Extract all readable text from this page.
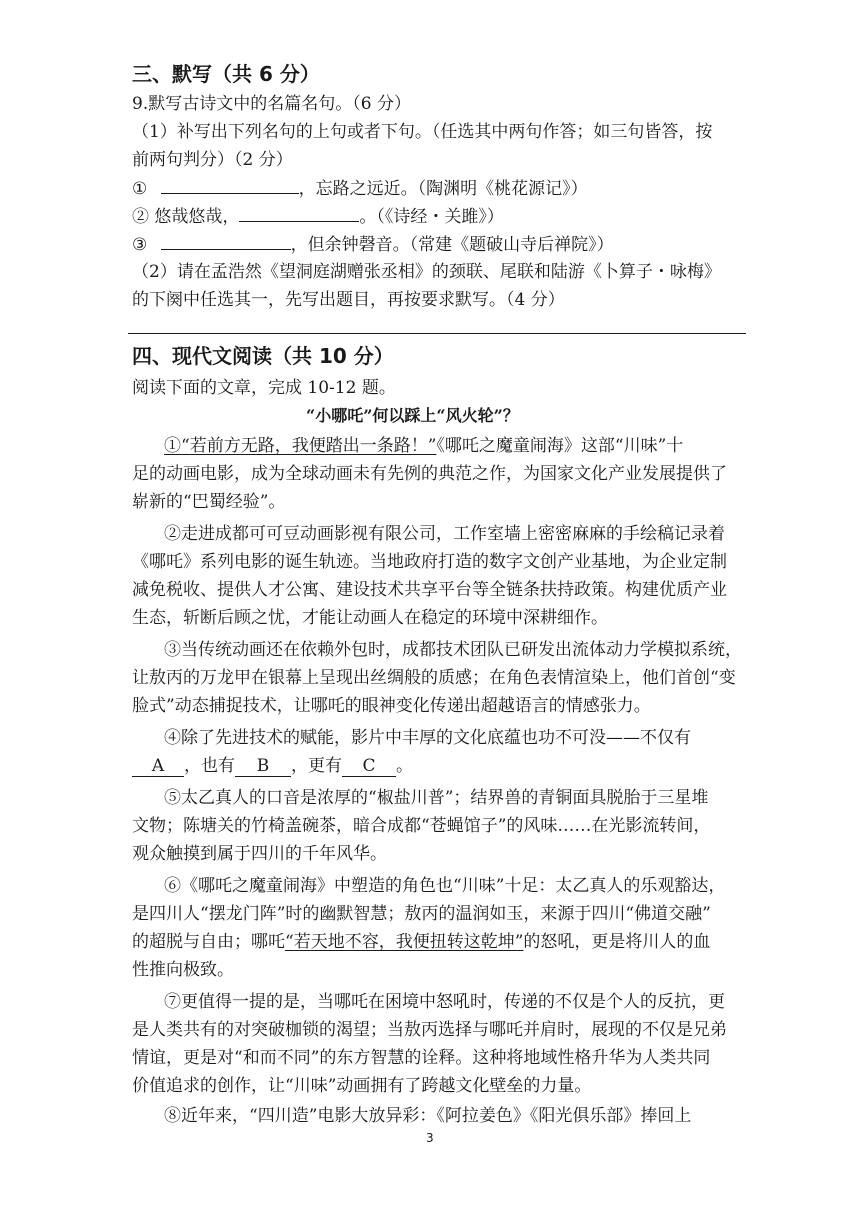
三、默写（共 6 分）
9.默写古诗文中的名篇名句。（6 分）
（1）补写出下列名句的上句或者下句。（任选其中两句作答；如三句皆答，按
前两句判分）（2 分）
①	，忘路之远近。（陶渊明《桃花源记》）
② 悠哉悠哉，	。（《诗经・关雎》）
③	，但余钟磬音。（常建《题破山寺后禅院》）
（2）请在孟浩然《望洞庭湖赠张丞相》的颈联、尾联和陆游《卜算子・咏梅》
的下阕中任选其一，先写出题目，再按要求默写。（4 分）
四、现代文阅读（共 10 分）
阅读下面的文章，完成 10-12 题。
“小哪吒”何以踩上“风火轮”？
①“若前方无路，我便踏出一条路！”《哪吒之魔童闹海》这部“川味”十
足的动画电影，成为全球动画未有先例的典范之作，为国家文化产业发展提供了
崭新的“巴蜀经验”。
②走进成都可可豆动画影视有限公司，工作室墙上密密麻麻的手绘稿记录着
《哪吒》系列电影的诞生轨迹。当地政府打造的数字文创产业基地，为企业定制
减免税收、提供人才公寓、建设技术共享平台等全链条扶持政策。构建优质产业
生态，斩断后顾之忧，才能让动画人在稳定的环境中深耕细作。
③当传统动画还在依赖外包时，成都技术团队已研发出流体动力学模拟系统，
让敖丙的万龙甲在银幕上呈现出丝绸般的质感；在角色表情渲染上，他们首创“变
脸式”动态捕捉技术，让哪吒的眼神变化传递出超越语言的情感张力。
④除了先进技术的赋能，影片中丰厚的文化底蕴也功不可没——不仅有
A ，也有 B ，更有 C 。
⑤太乙真人的口音是浓厚的“椒盐川普”；结界兽的青铜面具脱胎于三星堆
文物；陈塘关的竹椅盖碗茶，暗合成都“苍蝇馆子”的风味……在光影流转间，
观众触摸到属于四川的千年风华。
⑥《哪吒之魔童闹海》中塑造的角色也“川味”十足：太乙真人的乐观豁达，
是四川人“摆龙门阵”时的幽默智慧；敖丙的温润如玉，来源于四川“佛道交融”
的超脱与自由；哪吒“若天地不容，我便扭转这乾坤”的怒吼，更是将川人的血
性推向极致。
⑦更值得一提的是，当哪吒在困境中怒吼时，传递的不仅是个人的反抗，更
是人类共有的对突破枷锁的渴望；当敖丙选择与哪吒并肩时，展现的不仅是兄弟
情谊，更是对“和而不同”的东方智慧的诠释。这种将地域性格升华为人类共同
价值追求的创作，让“川味”动画拥有了跨越文化壁垒的力量。
⑧近年来，“四川造”电影大放异彩：《阿拉姜色》《阳光俱乐部》捧回上
3
